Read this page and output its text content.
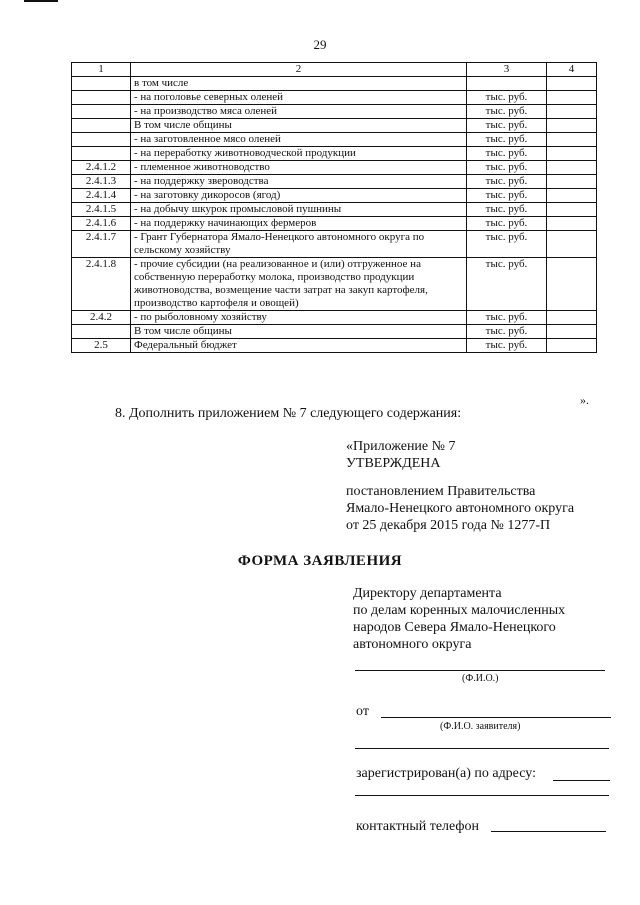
29
1	2	3	4
	в том числе		
	- на поголовье северных оленей	тыс. руб.	
	- на производство мяса оленей	тыс. руб.	
	В том числе общины	тыс. руб.	
	- на заготовленное мясо оленей	тыс. руб.	
	- на переработку животноводческой продукции	тыс. руб.	
2.4.1.2	- племенное животноводство	тыс. руб.	
2.4.1.3	- на поддержку звероводства	тыс. руб.	
2.4.1.4	- на заготовку дикоросов (ягод)	тыс. руб.	
2.4.1.5	- на добычу шкурок промысловой пушнины	тыс. руб.	
2.4.1.6	- на поддержку начинающих фермеров	тыс. руб.	
2.4.1.7	- Грант Губернатора Ямало-Ненецкого автономного округа по сельскому хозяйству	тыс. руб.	
2.4.1.8	- прочие субсидии (на реализованное и (или) отгруженное на собственную переработку молока, производство продукции животноводства, возмещение части затрат на закуп картофеля, производство картофеля и овощей)	тыс. руб.	
2.4.2	- по рыболовному хозяйству	тыс. руб.	
	В том числе общины	тыс. руб.	
2.5	Федеральный бюджет	тыс. руб.	
».
8. Дополнить приложением № 7 следующего содержания:
«Приложение № 7
УТВЕРЖДЕНА
постановлением Правительства
Ямало-Ненецкого автономного округа
от 25 декабря 2015 года № 1277-П
ФОРМА ЗАЯВЛЕНИЯ
Директору департамента
по делам коренных малочисленных
народов Севера Ямало-Ненецкого
автономного округа
(Ф.И.О.)
от
(Ф.И.О. заявителя)
зарегистрирован(а) по адресу:
контактный телефон
